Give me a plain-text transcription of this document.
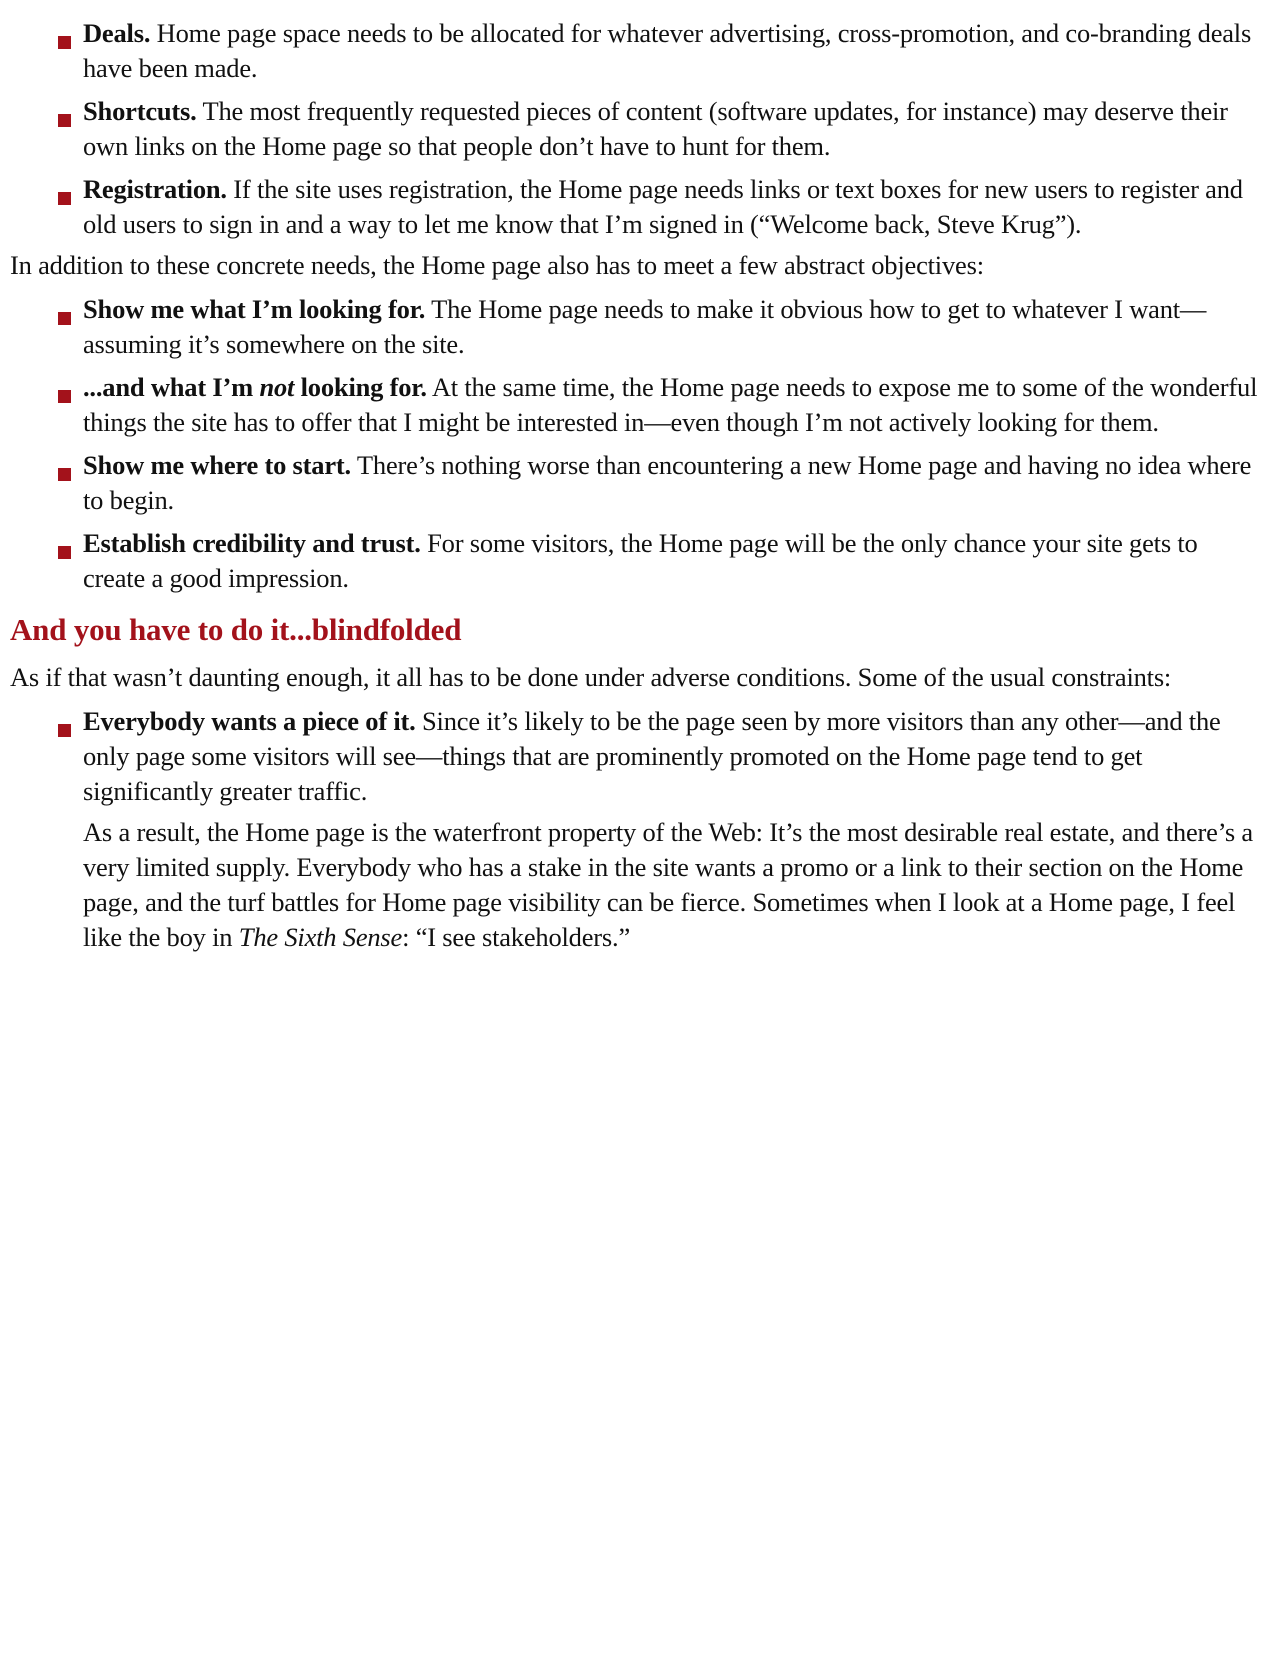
Deals. Home page space needs to be allocated for whatever advertising, cross-promotion, and co-branding deals have been made.
Shortcuts. The most frequently requested pieces of content (software updates, for instance) may deserve their own links on the Home page so that people don’t have to hunt for them.
Registration. If the site uses registration, the Home page needs links or text boxes for new users to register and old users to sign in and a way to let me know that I’m signed in (“Welcome back, Steve Krug”).
In addition to these concrete needs, the Home page also has to meet a few abstract objectives:
Show me what I’m looking for. The Home page needs to make it obvious how to get to whatever I want—assuming it’s somewhere on the site.
...and what I’m not looking for. At the same time, the Home page needs to expose me to some of the wonderful things the site has to offer that I might be interested in—even though I’m not actively looking for them.
Show me where to start. There’s nothing worse than encountering a new Home page and having no idea where to begin.
Establish credibility and trust. For some visitors, the Home page will be the only chance your site gets to create a good impression.
And you have to do it...blindfolded
As if that wasn’t daunting enough, it all has to be done under adverse conditions. Some of the usual constraints:
Everybody wants a piece of it. Since it’s likely to be the page seen by more visitors than any other—and the only page some visitors will see—things that are prominently promoted on the Home page tend to get significantly greater traffic.
As a result, the Home page is the waterfront property of the Web: It’s the most desirable real estate, and there’s a very limited supply. Everybody who has a stake in the site wants a promo or a link to their section on the Home page, and the turf battles for Home page visibility can be fierce. Sometimes when I look at a Home page, I feel like the boy in The Sixth Sense: “I see stakeholders.”
